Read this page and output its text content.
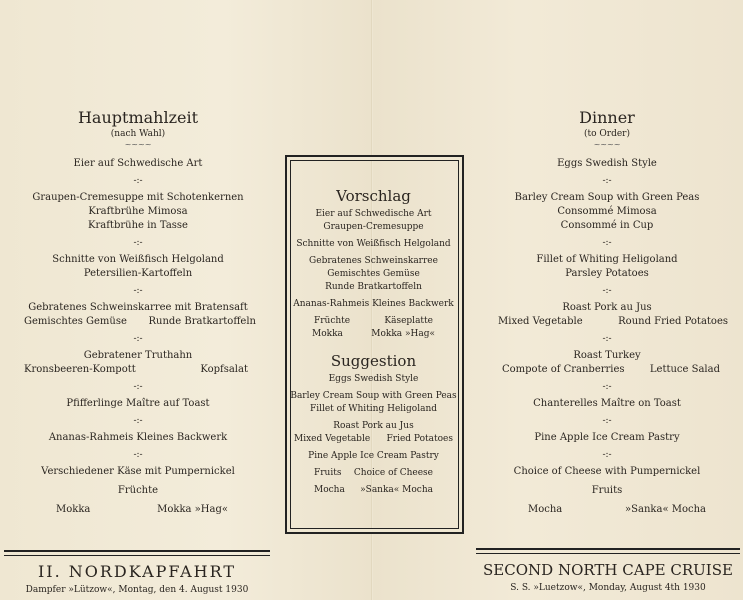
Hauptmahlzeit
(nach Wahl)
~~~~
Eier auf Schwedische Art
-:-
Graupen-Cremesuppe mit Schotenkernen
Kraftbrühe Mimosa
Kraftbrühe in Tasse
-:-
Schnitte von Weißfisch Helgoland
Petersilien-Kartoffeln
-:-
Gebratenes Schweinskarree mit Bratensaft
Gemischtes Gemüse Runde Bratkartoffeln
-:-
Gebratener Truthahn
Kronsbeeren-Kompott	Kopfsalat
-:-
Pfifferlinge Maître auf Toast
-:-
Ananas-Rahmeis Kleines Backwerk
-:-
Verschiedener Käse mit Pumpernickel
Früchte
Mokka	Mokka »Hag«
Vorschlag
Eier auf Schwedische Art
Graupen-Cremesuppe
Schnitte von Weißfisch Helgoland
Gebratenes Schweinskarree
Gemischtes Gemüse
Runde Bratkartoffeln
Ananas-Rahmeis Kleines Backwerk
Früchte	Käseplatte
Mokka	Mokka »Hag«
Suggestion
Eggs Swedish Style
Barley Cream Soup with Green Peas
Fillet of Whiting Heligoland
Roast Pork au Jus
Mixed Vegetable Fried Potatoes
Pine Apple Ice Cream Pastry
Fruits Choice of Cheese
Mocha »Sanka« Mocha
Dinner
(to Order)
~~~~
Eggs Swedish Style
-:-
Barley Cream Soup with Green Peas
Consommé Mimosa
Consommé in Cup
-:-
Fillet of Whiting Heligoland
Parsley Potatoes
-:-
Roast Pork au Jus
Mixed Vegetable	Round Fried Potatoes
-:-
Roast Turkey
Compote of Cranberries	Lettuce Salad
-:-
Chanterelles Maître on Toast
-:-
Pine Apple Ice Cream Pastry
-:-
Choice of Cheese with Pumpernickel
Fruits
Mocha	»Sanka« Mocha
II. NORDKAPFAHRT
Dampfer »Lützow«, Montag, den 4. August 1930
SECOND NORTH CAPE CRUISE
S. S. »Luetzow«, Monday, August 4th 1930
